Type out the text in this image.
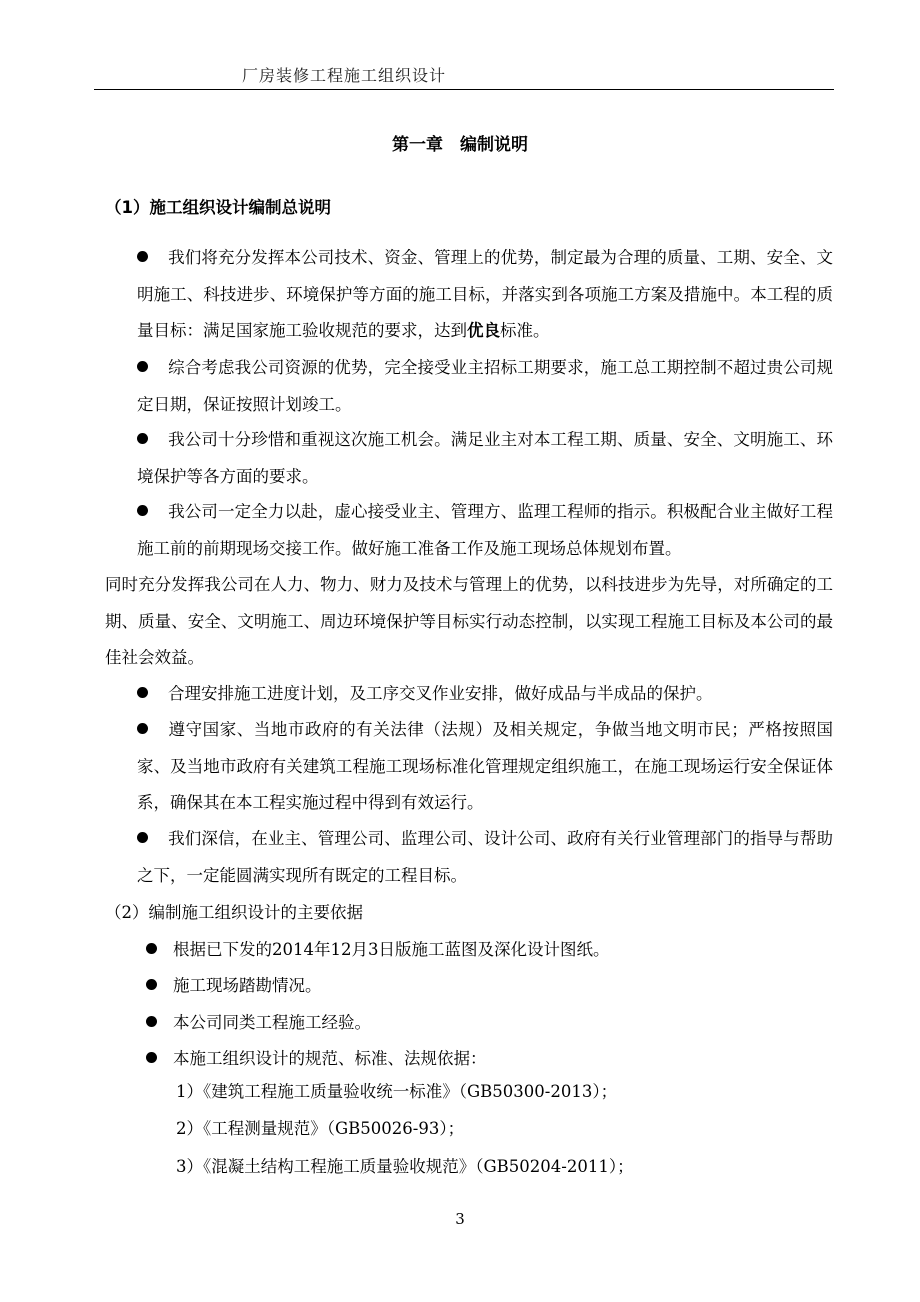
厂房装修工程施工组织设计
第一章　编制说明
（1）施工组织设计编制总说明

我们将充分发挥本公司技术、资金、管理上的优势，制定最为合理的质量、工期、安全、文明施工、科技进步、环境保护等方面的施工目标，并落实到各项施工方案及措施中。本工程的质量目标：满足国家施工验收规范的要求，达到优良标准。

综合考虑我公司资源的优势，完全接受业主招标工期要求，施工总工期控制不超过贵公司规定日期，保证按照计划竣工。

我公司十分珍惜和重视这次施工机会。满足业主对本工程工期、质量、安全、文明施工、环境保护等各方面的要求。

我公司一定全力以赴，虚心接受业主、管理方、监理工程师的指示。积极配合业主做好工程施工前的前期现场交接工作。做好施工准备工作及施工现场总体规划布置。

同时充分发挥我公司在人力、物力、财力及技术与管理上的优势，以科技进步为先导，对所确定的工期、质量、安全、文明施工、周边环境保护等目标实行动态控制，以实现工程施工目标及本公司的最佳社会效益。

合理安排施工进度计划，及工序交叉作业安排，做好成品与半成品的保护。

遵守国家、当地市政府的有关法律（法规）及相关规定，争做当地文明市民；严格按照国家、及当地市政府有关建筑工程施工现场标准化管理规定组织施工，在施工现场运行安全保证体系，确保其在本工程实施过程中得到有效运行。

我们深信，在业主、管理公司、监理公司、设计公司、政府有关行业管理部门的指导与帮助之下，一定能圆满实现所有既定的工程目标。

（2）编制施工组织设计的主要依据
根据已下发的2014年12月3日版施工蓝图及深化设计图纸。
施工现场踏勘情况。
本公司同类工程施工经验。
本施工组织设计的规范、标准、法规依据：
1）《建筑工程施工质量验收统一标准》（GB50300-2013）；
2）《工程测量规范》（GB50026-93）；
3）《混凝土结构工程施工质量验收规范》（GB50204-2011）；
3
